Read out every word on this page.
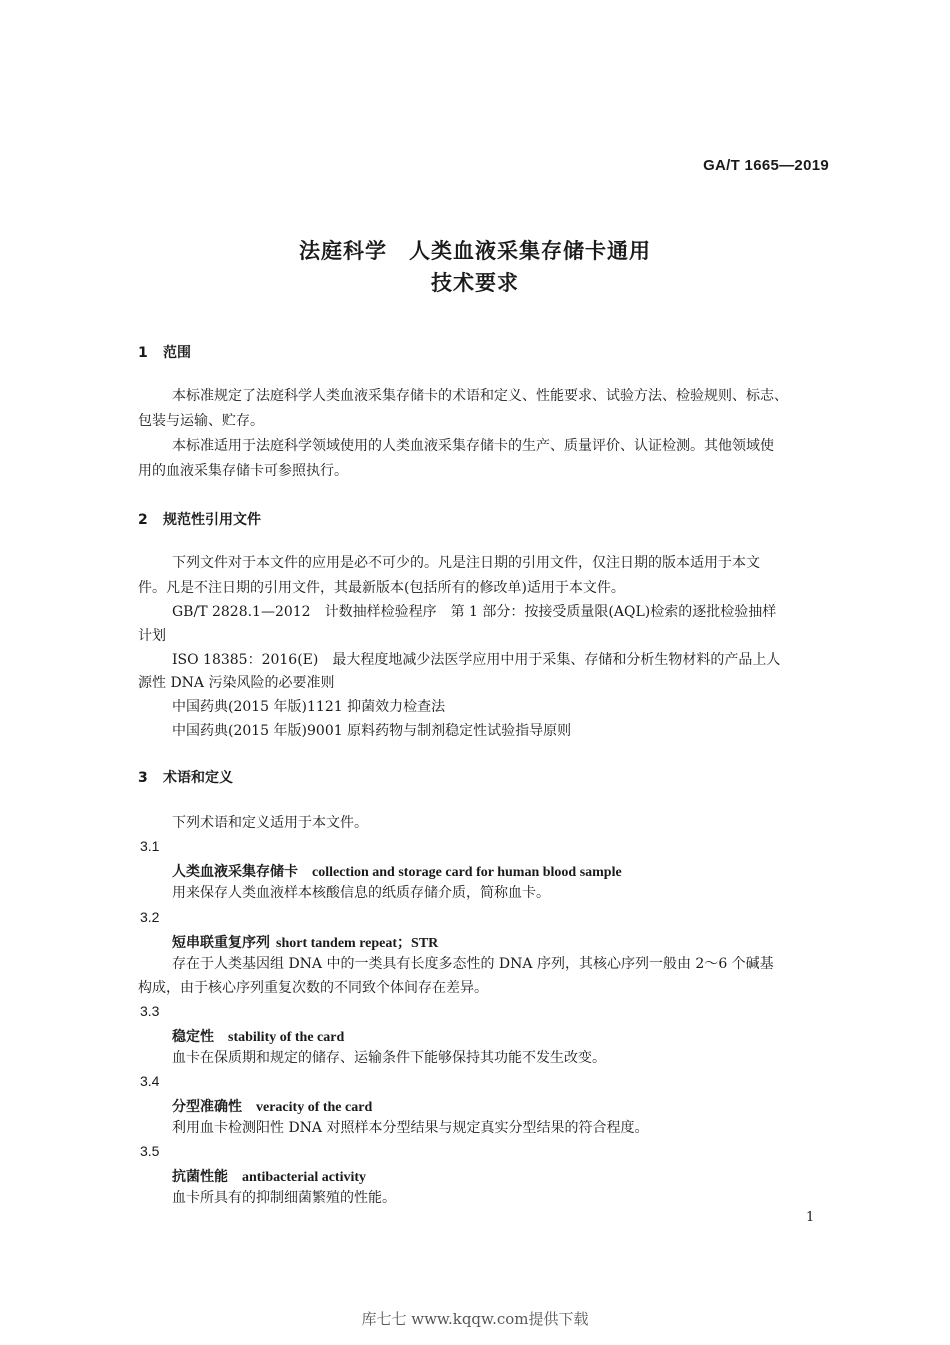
GA/T 1665—2019
法庭科学　人类血液采集存储卡通用
技术要求
1 范围
本标准规定了法庭科学人类血液采集存储卡的术语和定义、性能要求、试验方法、检验规则、标志、
包装与运输、贮存。
本标准适用于法庭科学领域使用的人类血液采集存储卡的生产、质量评价、认证检测。其他领域使
用的血液采集存储卡可参照执行。
2 规范性引用文件
下列文件对于本文件的应用是必不可少的。凡是注日期的引用文件，仅注日期的版本适用于本文
件。凡是不注日期的引用文件，其最新版本(包括所有的修改单)适用于本文件。
GB/T 2828.1—2012　计数抽样检验程序　第 1 部分：按接受质量限(AQL)检索的逐批检验抽样
计划
ISO 18385：2016(E)　最大程度地减少法医学应用中用于采集、存储和分析生物材料的产品上人
源性 DNA 污染风险的必要准则
中国药典(2015 年版)1121 抑菌效力检查法
中国药典(2015 年版)9001 原料药物与制剂稳定性试验指导原则
3 术语和定义
下列术语和定义适用于本文件。
3.1
人类血液采集存储卡 collection and storage card for human blood sample
用来保存人类血液样本核酸信息的纸质存储介质，简称血卡。
3.2
短串联重复序列 short tandem repeat；STR
存在于人类基因组 DNA 中的一类具有长度多态性的 DNA 序列，其核心序列一般由 2～6 个碱基
构成，由于核心序列重复次数的不同致个体间存在差异。
3.3
稳定性 stability of the card
血卡在保质期和规定的储存、运输条件下能够保持其功能不发生改变。
3.4
分型准确性 veracity of the card
利用血卡检测阳性 DNA 对照样本分型结果与规定真实分型结果的符合程度。
3.5
抗菌性能 antibacterial activity
血卡所具有的抑制细菌繁殖的性能。
1
库七七 www.kqqw.com提供下载
